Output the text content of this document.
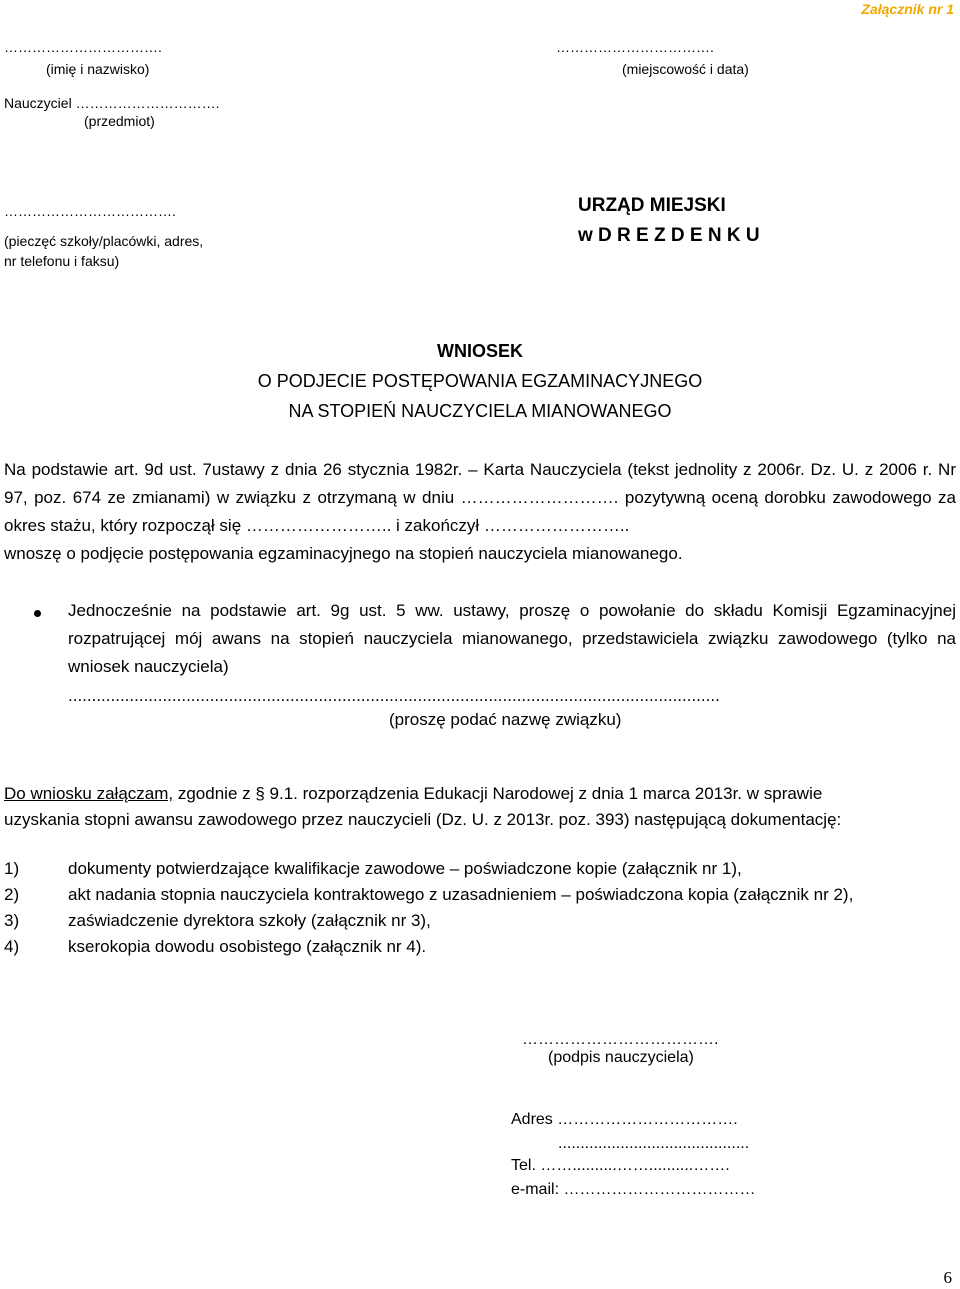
Załącznik nr 1
…………………………….
(imię i nazwisko)
…………………………….
(miejscowość i data)
Nauczyciel ………………………….
(przedmiot)
……………………………….
(pieczęć szkoły/placówki, adres,
nr telefonu i faksu)
URZĄD MIEJSKI
w D R E Z D E N K U
WNIOSEK
O PODJECIE POSTĘPOWANIA EGZAMINACYJNEGO
NA STOPIEŃ NAUCZYCIELA MIANOWANEGO
Na podstawie art. 9d ust. 7ustawy z dnia 26 stycznia 1982r. – Karta Nauczyciela (tekst jednolity z 2006r. Dz. U. z 2006 r. Nr 97, poz. 674 ze zmianami) w związku z otrzymaną w dniu ………………………. pozytywną oceną dorobku zawodowego za okres stażu, który rozpoczął się …………………….. i zakończył ……………………..
wnoszę o podjęcie postępowania egzaminacyjnego na stopień nauczyciela mianowanego.
Jednocześnie na podstawie art. 9g ust. 5 ww. ustawy, proszę o powołanie do składu Komisji Egzaminacyjnej rozpatrującej mój awans na stopień nauczyciela mianowanego, przedstawiciela związku zawodowego (tylko na wniosek nauczyciela)
..........................................................................................................................................
(proszę podać nazwę związku)
Do wniosku załączam, zgodnie z § 9.1. rozporządzenia Edukacji Narodowej z dnia 1 marca 2013r. w sprawie
uzyskania stopni awansu zawodowego przez nauczycieli (Dz. U. z 2013r. poz. 393) następującą dokumentację:
1)	dokumenty potwierdzające kwalifikacje zawodowe – poświadczone kopie (załącznik nr 1),
2)	akt nadania stopnia nauczyciela kontraktowego z uzasadnieniem – poświadczona kopia (załącznik nr 2),
3)	zaświadczenie dyrektora szkoły (załącznik nr 3),
4)	kserokopia dowodu osobistego (załącznik nr 4).
……………………………….
(podpis nauczyciela)
Adres …………………………….
...........................................
Tel. ……..........……..........…….
e-mail: ………………………………
6
